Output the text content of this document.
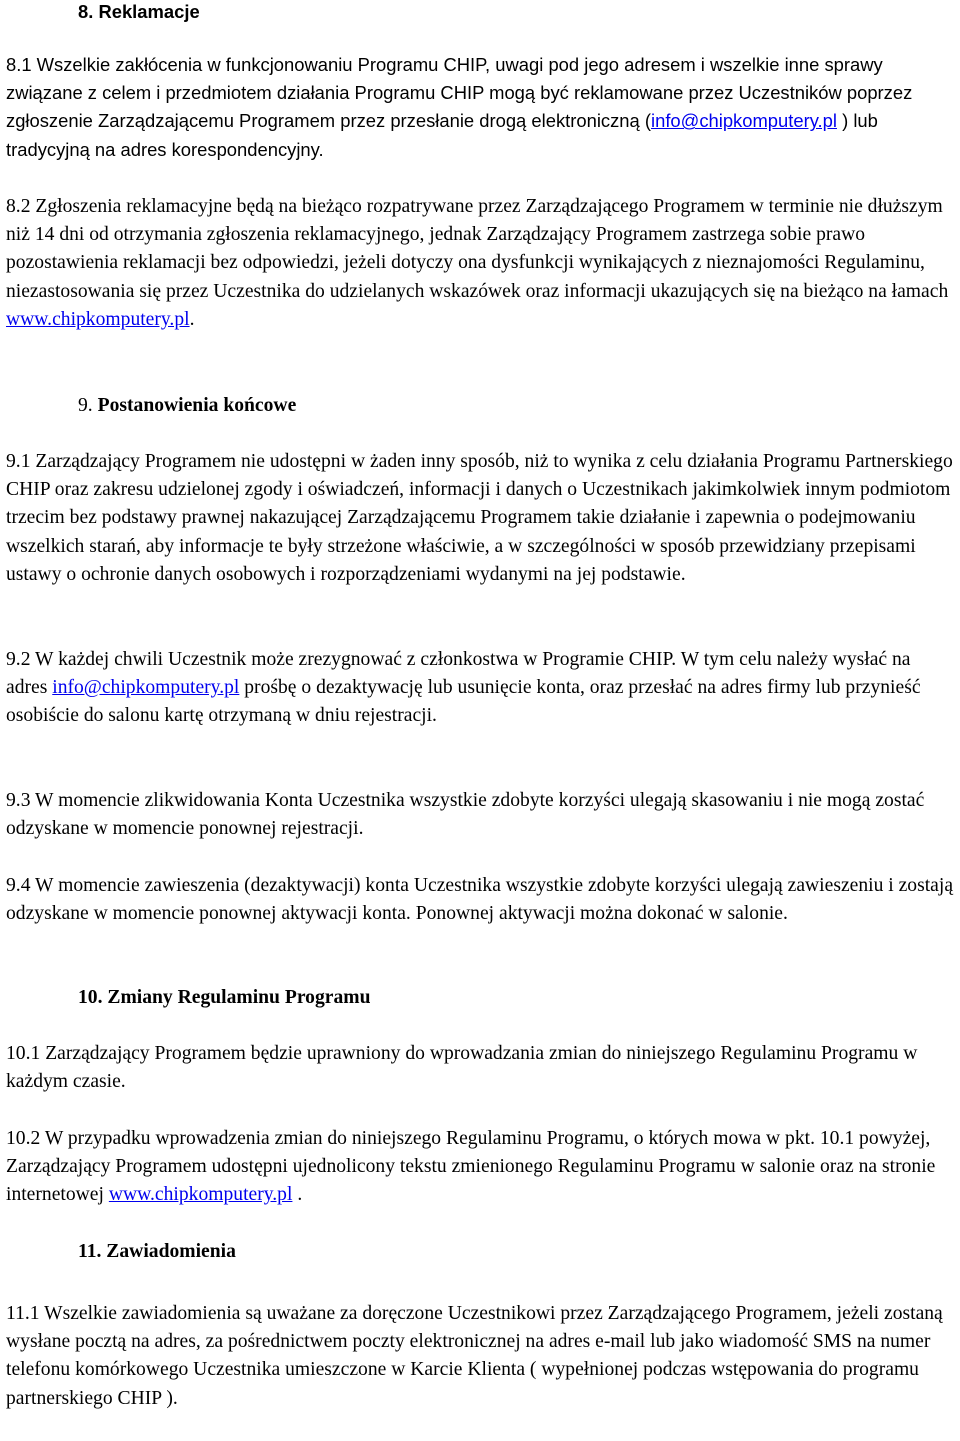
8. Reklamacje

8.1 Wszelkie zakłócenia w funkcjonowaniu Programu CHIP, uwagi pod jego adresem i wszelkie inne sprawy związane z celem i przedmiotem działania Programu CHIP mogą być reklamowane przez Uczestników poprzez zgłoszenie Zarządzającemu Programem przez przesłanie drogą elektroniczną (info@chipkomputery.pl ) lub tradycyjną na adres korespondencyjny.

8.2 Zgłoszenia reklamacyjne będą na bieżąco rozpatrywane przez Zarządzającego Programem w terminie nie dłuższym niż 14 dni od otrzymania zgłoszenia reklamacyjnego, jednak Zarządzający Programem zastrzega sobie prawo pozostawienia reklamacji bez odpowiedzi, jeżeli dotyczy ona dysfunkcji wynikających z nieznajomości Regulaminu, niezastosowania się przez Uczestnika do udzielanych wskazówek oraz informacji ukazujących się na bieżąco na łamach www.chipkomputery.pl.

9. Postanowienia końcowe

9.1 Zarządzający Programem nie udostępni w żaden inny sposób, niż to wynika z celu działania Programu Partnerskiego CHIP oraz zakresu udzielonej zgody i oświadczeń, informacji i danych o Uczestnikach jakimkolwiek innym podmiotom trzecim bez podstawy prawnej nakazującej Zarządzającemu Programem takie działanie i zapewnia o podejmowaniu wszelkich starań, aby informacje te były strzeżone właściwie, a w szczególności w sposób przewidziany przepisami ustawy o ochronie danych osobowych i rozporządzeniami wydanymi na jej podstawie.

9.2 W każdej chwili Uczestnik może zrezygnować z członkostwa w Programie CHIP. W tym celu należy wysłać na adres info@chipkomputery.pl prośbę o dezaktywację lub usunięcie konta, oraz przesłać na adres firmy lub przynieść osobiście do salonu kartę otrzymaną w dniu rejestracji.

9.3 W momencie zlikwidowania Konta Uczestnika wszystkie zdobyte korzyści ulegają skasowaniu i nie mogą zostać odzyskane w momencie ponownej rejestracji.

9.4 W momencie zawieszenia (dezaktywacji) konta Uczestnika wszystkie zdobyte korzyści ulegają zawieszeniu i zostają odzyskane w momencie ponownej aktywacji konta. Ponownej aktywacji można dokonać w salonie.

10. Zmiany Regulaminu Programu

10.1 Zarządzający Programem będzie uprawniony do wprowadzania zmian do niniejszego Regulaminu Programu w każdym czasie.

10.2 W przypadku wprowadzenia zmian do niniejszego Regulaminu Programu, o których mowa w pkt. 10.1 powyżej, Zarządzający Programem udostępni ujednolicony tekstu zmienionego Regulaminu Programu w salonie oraz na stronie internetowej www.chipkomputery.pl .

11. Zawiadomienia

11.1 Wszelkie zawiadomienia są uważane za doręczone Uczestnikowi przez Zarządzającego Programem, jeżeli zostaną wysłane pocztą na adres, za pośrednictwem poczty elektronicznej na adres e-mail lub jako wiadomość SMS na numer telefonu komórkowego Uczestnika umieszczone w Karcie Klienta ( wypełnionej podczas wstępowania do programu partnerskiego CHIP ).
